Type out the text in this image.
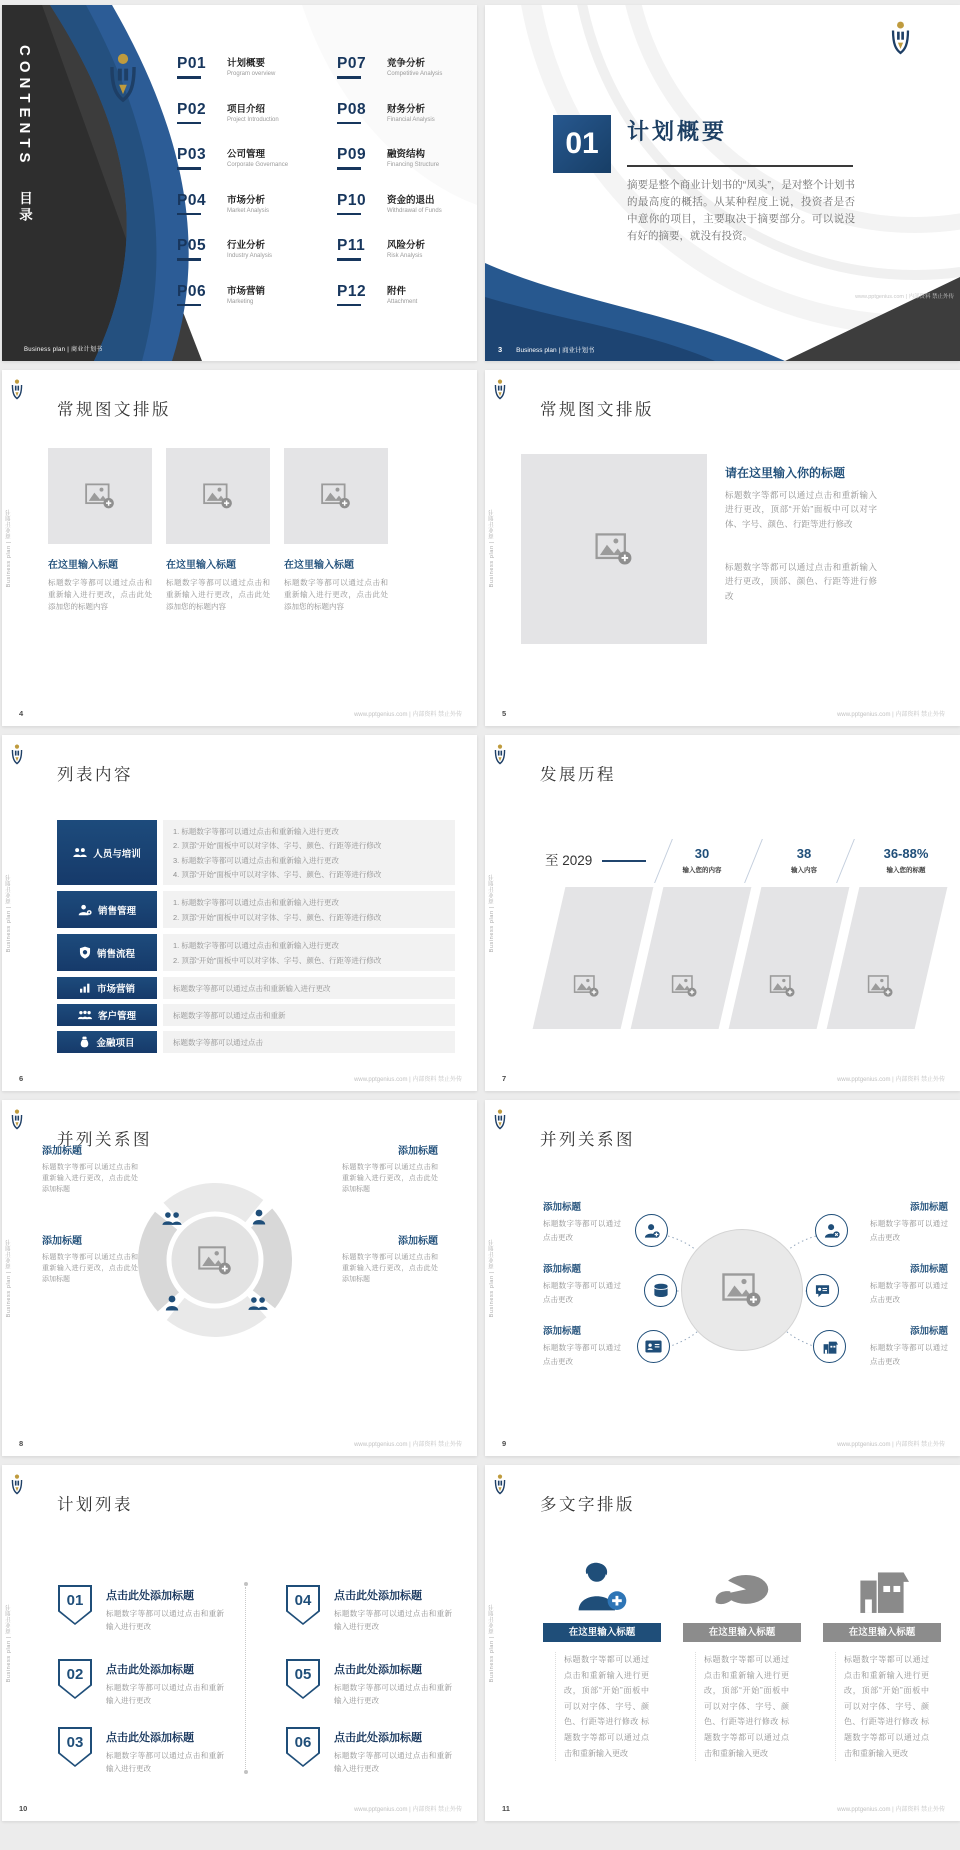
CONTENTS 目录
P01	计划概要
Program overview
P02	项目介绍
Project Introduction
P03	公司管理
Corporate Governance
P04	市场分析
Market Analysis
P05	行业分析
Industry Analysis
P06	市场营销
Marketing
P07	竞争分析
Competitive Analysis
P08	财务分析
Financial Analysis
P09	融资结构
Financing Structure
P10	资金的退出
Withdrawal of Funds
P11	风险分析
Risk Analysis
P12	附件
Attachment
Business plan | 商业计划书
01	计划概要
摘要是整个商业计划书的“凤头”，是对整个计划书的最高度的概括。从某种程度上说，投资者是否中意你的项目，主要取决于摘要部分。可以说没有好的摘要，就没有投资。
3 Business plan | 商业计划书
www.pptgenius.com | 内部资料 禁止外传
Business plan | 商业计划书
常规图文排版
在这里输入标题
标题数字等都可以通过点击和重新输入进行更改，点击此处添加您的标题内容
在这里输入标题
标题数字等都可以通过点击和重新输入进行更改，点击此处添加您的标题内容
在这里输入标题
标题数字等都可以通过点击和重新输入进行更改，点击此处添加您的标题内容
4	www.pptgenius.com | 内部资料 禁止外传
Business plan | 商业计划书
常规图文排版
请在这里输入你的标题
标题数字等都可以通过点击和重新输入进行更改，顶部“开始”面板中可以对字体、字号、颜色、行距等进行修改
标题数字等都可以通过点击和重新输入进行更改，顶部、颜色、行距等进行修改
5	www.pptgenius.com | 内部资料 禁止外传
Business plan | 商业计划书
列表内容
人员与培训
1. 标题数字等都可以通过点击和重新输入进行更改
2. 顶部“开始”面板中可以对字体、字号、颜色、行距等进行修改
3. 标题数字等都可以通过点击和重新输入进行更改
4. 顶部“开始”面板中可以对字体、字号、颜色、行距等进行修改
销售管理
1. 标题数字等都可以通过点击和重新输入进行更改
2. 顶部“开始”面板中可以对字体、字号、颜色、行距等进行修改
销售流程
1. 标题数字等都可以通过点击和重新输入进行更改
2. 顶部“开始”面板中可以对字体、字号、颜色、行距等进行修改
市场营销	标题数字等都可以通过点击和重新输入进行更改
客户管理	标题数字等都可以通过点击和重新
金融项目	标题数字等都可以通过点击
6	www.pptgenius.com | 内部资料 禁止外传
Business plan | 商业计划书
发展历程
至 2029	30
输入您的内容
38
输入内容
36-88%
输入您的标题
7	www.pptgenius.com | 内部资料 禁止外传
Business plan | 商业计划书
并列关系图
添加标题
标题数字等都可以通过点击和重新输入进行更改，点击此处添加标题
添加标题
标题数字等都可以通过点击和重新输入进行更改，点击此处添加标题
添加标题
标题数字等都可以通过点击和重新输入进行更改，点击此处添加标题
添加标题
标题数字等都可以通过点击和重新输入进行更改，点击此处添加标题
8	www.pptgenius.com | 内部资料 禁止外传
Business plan | 商业计划书
并列关系图
添加标题
标题数字等都可以通过点击更改
添加标题
标题数字等都可以通过点击更改
添加标题
标题数字等都可以通过点击更改
添加标题
标题数字等都可以通过点击更改
添加标题
标题数字等都可以通过点击更改
添加标题
标题数字等都可以通过点击更改
9	www.pptgenius.com | 内部资料 禁止外传
Business plan | 商业计划书
计划列表
01	点击此处添加标题
标题数字等都可以通过点击和重新输入进行更改
02	点击此处添加标题
标题数字等都可以通过点击和重新输入进行更改
03	点击此处添加标题
标题数字等都可以通过点击和重新输入进行更改
04	点击此处添加标题
标题数字等都可以通过点击和重新输入进行更改
05	点击此处添加标题
标题数字等都可以通过点击和重新输入进行更改
06	点击此处添加标题
标题数字等都可以通过点击和重新输入进行更改
10	www.pptgenius.com | 内部资料 禁止外传
Business plan | 商业计划书
多文字排版
在这里输入标题
标题数字等都可以通过点击和重新输入进行更改，顶部“开始”面板中可以对字体、字号、颜色、行距等进行修改 标题数字等都可以通过点击和重新输入更改
在这里输入标题
标题数字等都可以通过点击和重新输入进行更改，顶部“开始”面板中可以对字体、字号、颜色、行距等进行修改 标题数字等都可以通过点击和重新输入更改
在这里输入标题
标题数字等都可以通过点击和重新输入进行更改，顶部“开始”面板中可以对字体、字号、颜色、行距等进行修改 标题数字等都可以通过点击和重新输入更改
11	www.pptgenius.com | 内部资料 禁止外传
